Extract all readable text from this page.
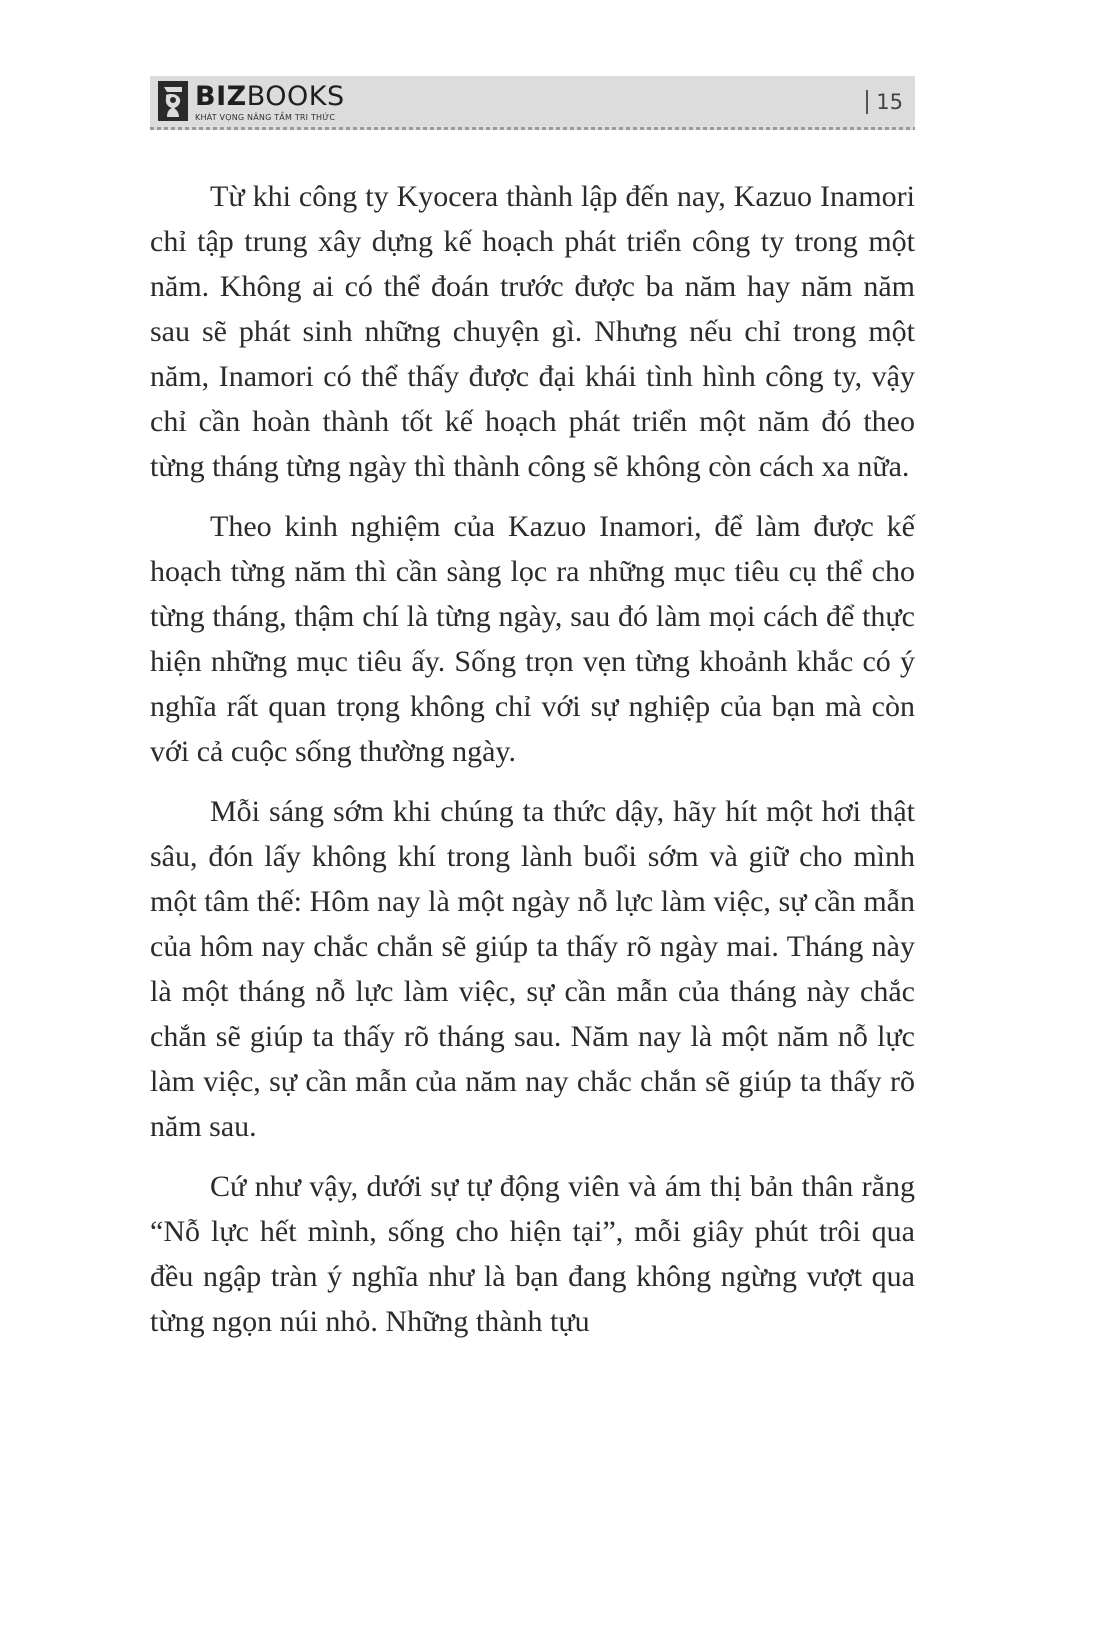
BIZBOOKS
KHÁT VỌNG NÂNG TẦM TRI THỨC
15

Từ khi công ty Kyocera thành lập đến nay, Kazuo Inamori chỉ tập trung xây dựng kế hoạch phát triển công ty trong một năm. Không ai có thể đoán trước được ba năm hay năm năm sau sẽ phát sinh những chuyện gì. Nhưng nếu chỉ trong một năm, Inamori có thể thấy được đại khái tình hình công ty, vậy chỉ cần hoàn thành tốt kế hoạch phát triển một năm đó theo từng tháng từng ngày thì thành công sẽ không còn cách xa nữa.

Theo kinh nghiệm của Kazuo Inamori, để làm được kế hoạch từng năm thì cần sàng lọc ra những mục tiêu cụ thể cho từng tháng, thậm chí là từng ngày, sau đó làm mọi cách để thực hiện những mục tiêu ấy. Sống trọn vẹn từng khoảnh khắc có ý nghĩa rất quan trọng không chỉ với sự nghiệp của bạn mà còn với cả cuộc sống thường ngày.

Mỗi sáng sớm khi chúng ta thức dậy, hãy hít một hơi thật sâu, đón lấy không khí trong lành buổi sớm và giữ cho mình một tâm thế: Hôm nay là một ngày nỗ lực làm việc, sự cần mẫn của hôm nay chắc chắn sẽ giúp ta thấy rõ ngày mai. Tháng này là một tháng nỗ lực làm việc, sự cần mẫn của tháng này chắc chắn sẽ giúp ta thấy rõ tháng sau. Năm nay là một năm nỗ lực làm việc, sự cần mẫn của năm nay chắc chắn sẽ giúp ta thấy rõ năm sau.

Cứ như vậy, dưới sự tự động viên và ám thị bản thân rằng “Nỗ lực hết mình, sống cho hiện tại”, mỗi giây phút trôi qua đều ngập tràn ý nghĩa như là bạn đang không ngừng vượt qua từng ngọn núi nhỏ. Những thành tựu
